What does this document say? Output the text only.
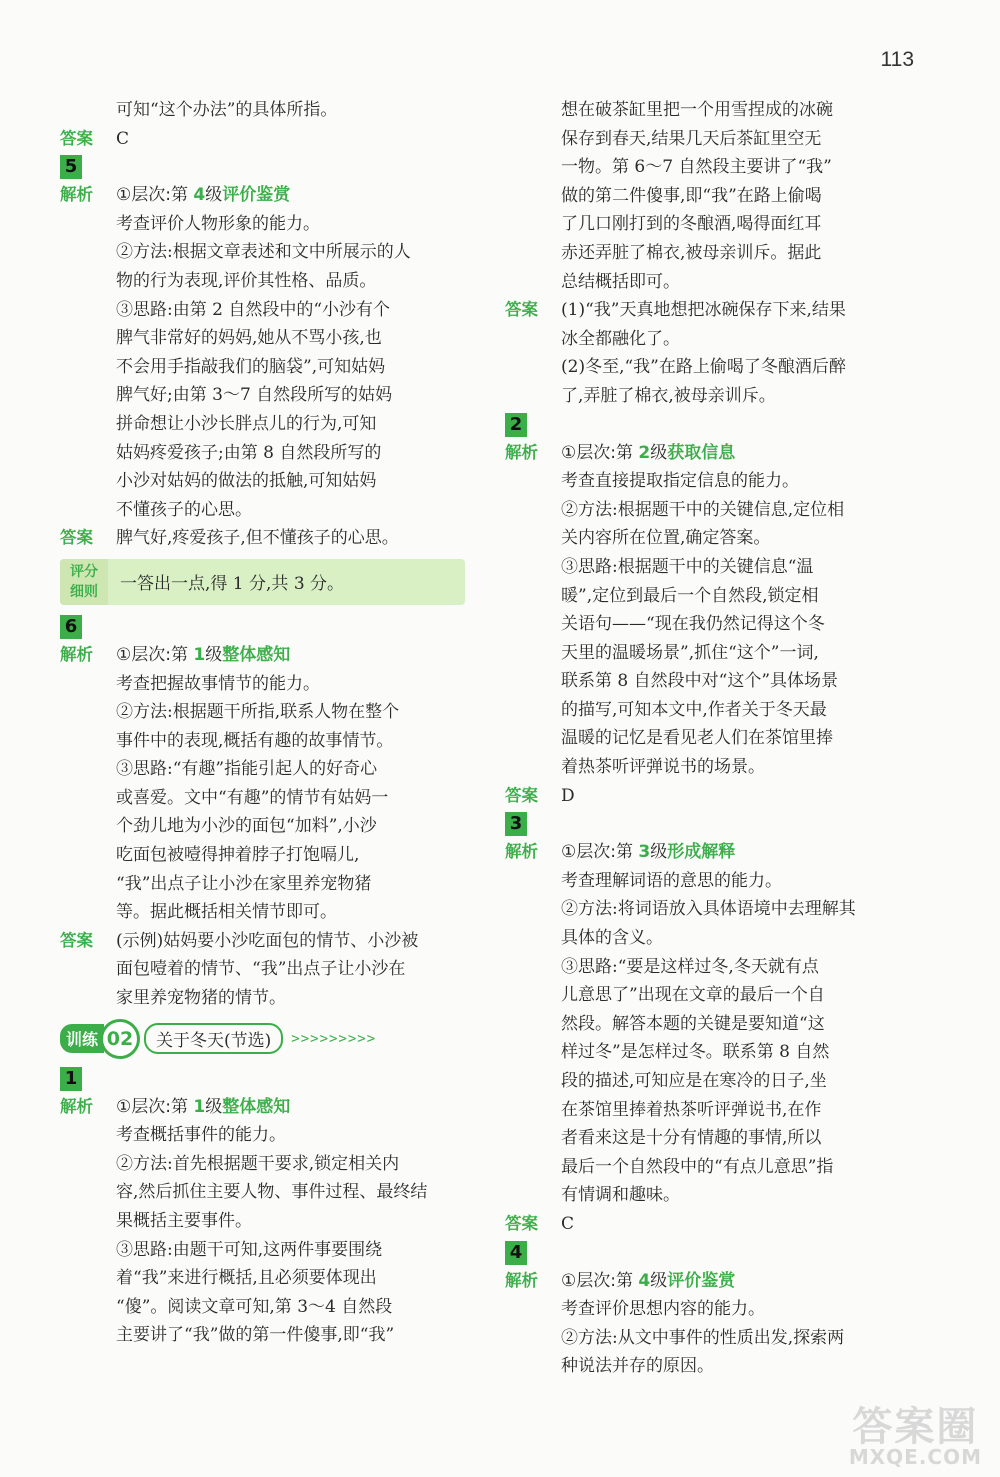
113
可知“这个办法”的具体所指。
答案	C
5
解析	①层次:第 4级评价鉴赏
考查评价人物形象的能力。
②方法:根据文章表述和文中所展示的人
物的行为表现,评价其性格、品质。
③思路:由第 2 自然段中的“小沙有个
脾气非常好的妈妈,她从不骂小孩,也
不会用手指敲我们的脑袋”,可知姑妈
脾气好;由第 3～7 自然段所写的姑妈
拼命想让小沙长胖点儿的行为,可知
姑妈疼爱孩子;由第 8 自然段所写的
小沙对姑妈的做法的抵触,可知姑妈
不懂孩子的心思。
答案	脾气好,疼爱孩子,但不懂孩子的心思。
评分
细则	一答出一点,得 1 分,共 3 分。
6
解析	①层次:第 1级整体感知
考查把握故事情节的能力。
②方法:根据题干所指,联系人物在整个
事件中的表现,概括有趣的故事情节。
③思路:“有趣”指能引起人的好奇心
或喜爱。文中“有趣”的情节有姑妈一
个劲儿地为小沙的面包“加料”,小沙
吃面包被噎得抻着脖子打饱嗝儿,
“我”出点子让小沙在家里养宠物猪
等。据此概括相关情节即可。
答案	(示例)姑妈要小沙吃面包的情节、小沙被
面包噎着的情节、“我”出点子让小沙在
家里养宠物猪的情节。
训练 02	关于冬天(节选)	>>>>>>>>>
1
解析	①层次:第 1级整体感知
考查概括事件的能力。
②方法:首先根据题干要求,锁定相关内
容,然后抓住主要人物、事件过程、最终结
果概括主要事件。
③思路:由题干可知,这两件事要围绕
着“我”来进行概括,且必须要体现出
“傻”。阅读文章可知,第 3～4 自然段
主要讲了“我”做的第一件傻事,即“我”
想在破茶缸里把一个用雪捏成的冰碗
保存到春天,结果几天后茶缸里空无
一物。第 6～7 自然段主要讲了“我”
做的第二件傻事,即“我”在路上偷喝
了几口刚打到的冬酿酒,喝得面红耳
赤还弄脏了棉衣,被母亲训斥。据此
总结概括即可。
答案	(1)“我”天真地想把冰碗保存下来,结果
冰全都融化了。
(2)冬至,“我”在路上偷喝了冬酿酒后醉
了,弄脏了棉衣,被母亲训斥。
2
解析	①层次:第 2级获取信息
考查直接提取指定信息的能力。
②方法:根据题干中的关键信息,定位相
关内容所在位置,确定答案。
③思路:根据题干中的关键信息“温
暖”,定位到最后一个自然段,锁定相
关语句——“现在我仍然记得这个冬
天里的温暖场景”,抓住“这个”一词,
联系第 8 自然段中对“这个”具体场景
的描写,可知本文中,作者关于冬天最
温暖的记忆是看见老人们在茶馆里捧
着热茶听评弹说书的场景。
答案	D
3
解析	①层次:第 3级形成解释
考查理解词语的意思的能力。
②方法:将词语放入具体语境中去理解其
具体的含义。
③思路:“要是这样过冬,冬天就有点
儿意思了”出现在文章的最后一个自
然段。解答本题的关键是要知道“这
样过冬”是怎样过冬。联系第 8 自然
段的描述,可知应是在寒冷的日子,坐
在茶馆里捧着热茶听评弹说书,在作
者看来这是十分有情趣的事情,所以
最后一个自然段中的“有点儿意思”指
有情调和趣味。
答案	C
4
解析	①层次:第 4级评价鉴赏
考查评价思想内容的能力。
②方法:从文中事件的性质出发,探索两
种说法并存的原因。
答案圈
MXQE.COM
